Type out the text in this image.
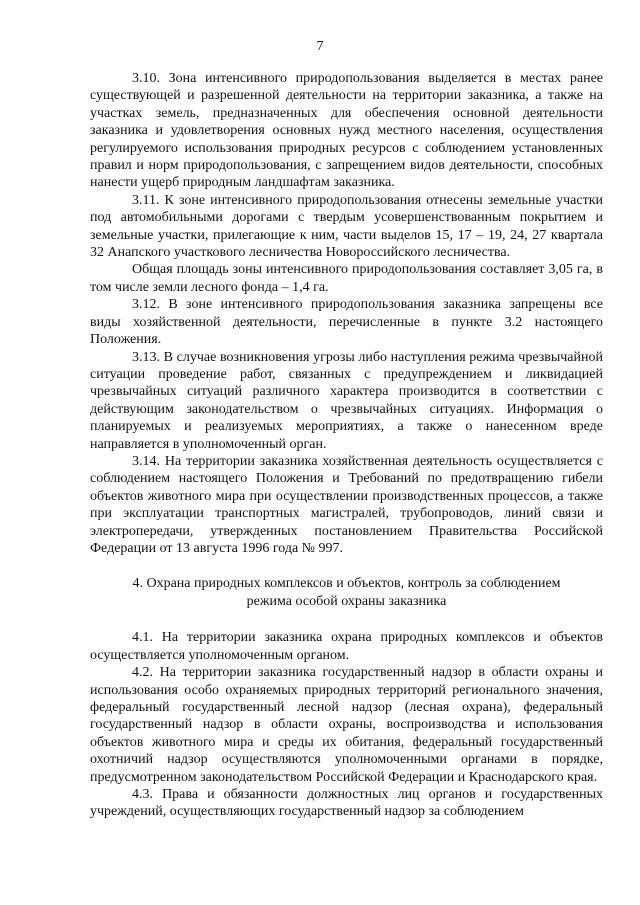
7

3.10. Зона интенсивного природопользования выделяется в местах ранее существующей и разрешенной деятельности на территории заказника, а также на участках земель, предназначенных для обеспечения основной деятельности заказника и удовлетворения основных нужд местного населения, осуществления регулируемого использования природных ресурсов с соблюдением установленных правил и норм природопользования, с запрещением видов деятельности, способных нанести ущерб природным ландшафтам заказника.

3.11. К зоне интенсивного природопользования отнесены земельные участки под автомобильными дорогами с твердым усовершенствованным покрытием и земельные участки, прилегающие к ним, части выделов 15, 17 – 19, 24, 27 квартала 32 Анапского участкового лесничества Новороссийского лесничества.

Общая площадь зоны интенсивного природопользования составляет 3,05 га, в том числе земли лесного фонда – 1,4 га.

3.12. В зоне интенсивного природопользования заказника запрещены все виды хозяйственной деятельности, перечисленные в пункте 3.2 настоящего Положения.

3.13. В случае возникновения угрозы либо наступления режима чрезвычайной ситуации проведение работ, связанных с предупреждением и ликвидацией чрезвычайных ситуаций различного характера производится в соответствии с действующим законодательством о чрезвычайных ситуациях. Информация о планируемых и реализуемых мероприятиях, а также о нанесенном вреде направляется в уполномоченный орган.

3.14. На территории заказника хозяйственная деятельность осуществляется с соблюдением настоящего Положения и Требований по предотвращению гибели объектов животного мира при осуществлении производственных процессов, а также при эксплуатации транспортных магистралей, трубопроводов, линий связи и электропередачи, утвержденных постановлением Правительства Российской Федерации от 13 августа 1996 года № 997.

4. Охрана природных комплексов и объектов, контроль за соблюдением
режима особой охраны заказника

4.1. На территории заказника охрана природных комплексов и объектов осуществляется уполномоченным органом.

4.2. На территории заказника государственный надзор в области охраны и использования особо охраняемых природных территорий регионального значения, федеральный государственный лесной надзор (лесная охрана), федеральный государственный надзор в области охраны, воспроизводства и использования объектов животного мира и среды их обитания, федеральный государственный охотничий надзор осуществляются уполномоченными органами в порядке, предусмотренном законодательством Российской Федерации и Краснодарского края.

4.3. Права и обязанности должностных лиц органов и государственных учреждений, осуществляющих государственный надзор за соблюдением
